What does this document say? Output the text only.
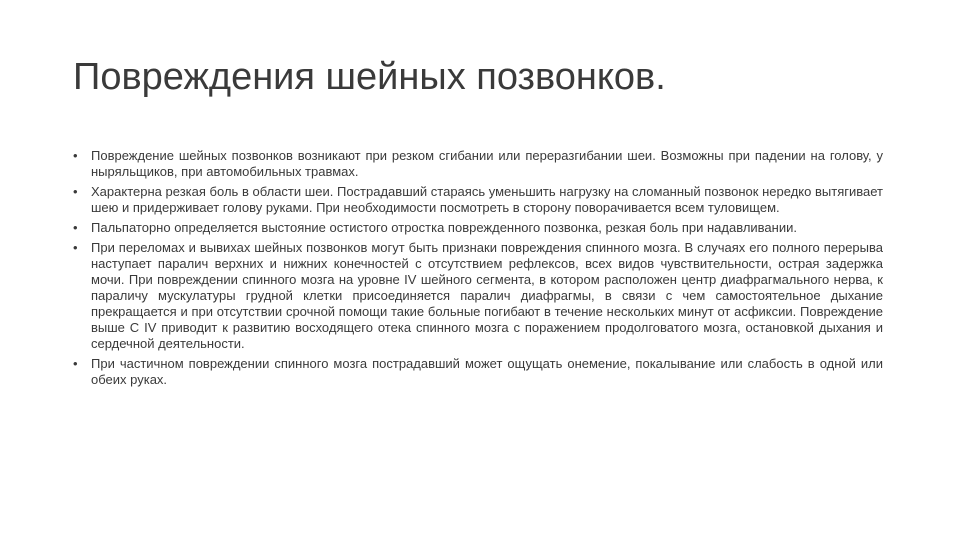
Повреждения шейных позвонков.
•	Повреждение шейных позвонков возникают при резком сгибании или переразгибании шеи. Возможны при падении на голову, у ныряльщиков, при автомобильных травмах.
•	Характерна резкая боль в области шеи. Пострадавший стараясь уменьшить нагрузку на сломанный позвонок нередко вытягивает шею и придерживает голову руками. При необходимости посмотреть в сторону поворачивается всем туловищем.
•	Пальпаторно определяется выстояние остистого отростка поврежденного позвонка, резкая боль при надавливании.
•	При переломах и вывихах шейных позвонков могут быть признаки повреждения спинного мозга. В случаях его полного перерыва наступает паралич верхних и нижних конечностей с отсутствием рефлексов, всех видов чувствительности, острая задержка мочи. При повреждении спинного мозга на уровне IV шейного сегмента, в котором расположен центр диафрагмального нерва, к параличу мускулатуры грудной клетки присоединяется паралич диафрагмы, в связи с чем самостоятельное дыхание прекращается и при отсутствии срочной помощи такие больные погибают в течение нескольких минут от асфиксии. Повреждение выше С IV приводит к развитию восходящего отека спинного мозга с поражением продолговатого мозга, остановкой дыхания и сердечной деятельности.
•	При частичном повреждении спинного мозга пострадавший может ощущать онемение, покалывание или слабость в одной или обеих руках.
